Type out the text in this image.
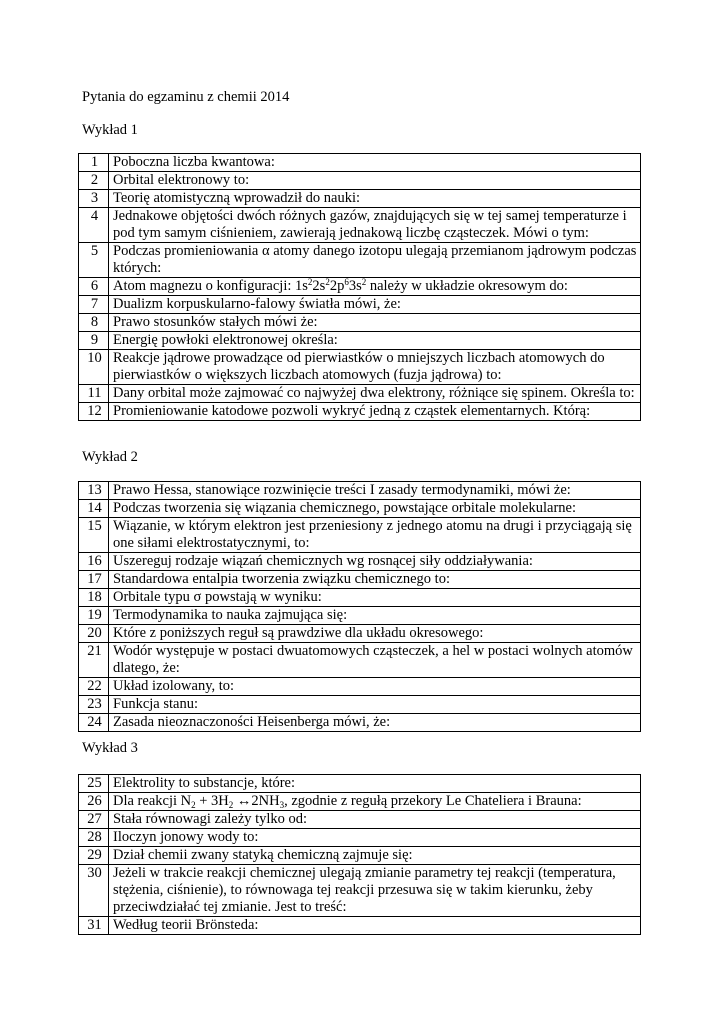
Pytania do egzaminu z chemii 2014

Wykład 1

1	Poboczna liczba kwantowa:
2	Orbital elektronowy to:
3	Teorię atomistyczną wprowadził do nauki:
4	Jednakowe objętości dwóch różnych gazów, znajdujących się w tej samej temperaturze i pod tym samym ciśnieniem, zawierają jednakową liczbę cząsteczek. Mówi o tym:
5	Podczas promieniowania α atomy danego izotopu ulegają przemianom jądrowym podczas których:
6	Atom magnezu o konfiguracji: $1s^22s^22p^63s^2$ należy w układzie okresowym do:
7	Dualizm korpuskularno-falowy światła mówi, że:
8	Prawo stosunków stałych mówi że:
9	Energię powłoki elektronowej określa:
10	Reakcje jądrowe prowadzące od pierwiastków o mniejszych liczbach atomowych do pierwiastków o większych liczbach atomowych (fuzja jądrowa) to:
11	Dany orbital może zajmować co najwyżej dwa elektrony, różniące się spinem. Określa to:
12	Promieniowanie katodowe pozwoli wykryć jedną z cząstek elementarnych. Którą:

Wykład 2

13	Prawo Hessa, stanowiące rozwinięcie treści I zasady termodynamiki, mówi że:
14	Podczas tworzenia się wiązania chemicznego, powstające orbitale molekularne:
15	Wiązanie, w którym elektron jest przeniesiony z jednego atomu na drugi i przyciągają się one siłami elektrostatycznymi, to:
16	Uszereguj rodzaje wiązań chemicznych wg rosnącej siły oddziaływania:
17	Standardowa entalpia tworzenia związku chemicznego to:
18	Orbitale typu σ powstają w wyniku:
19	Termodynamika to nauka zajmująca się:
20	Które z poniższych reguł są prawdziwe dla układu okresowego:
21	Wodór występuje w postaci dwuatomowych cząsteczek, a hel w postaci wolnych atomów dlatego, że:
22	Układ izolowany, to:
23	Funkcja stanu:
24	Zasada nieoznaczoności Heisenberga mówi, że:

Wykład 3

25	Elektrolity to substancje, które:
26	Dla reakcji $N_2 + 3H_2$ $\leftrightarrow 2NH_3$, zgodnie z regułą przekory Le Chateliera i Brauna:
27	Stała równowagi zależy tylko od:
28	Iloczyn jonowy wody to:
29	Dział chemii zwany statyką chemiczną zajmuje się:
30	Jeżeli w trakcie reakcji chemicznej ulegają zmianie parametry tej reakcji (temperatura, stężenia, ciśnienie), to równowaga tej reakcji przesuwa się w takim kierunku, żeby przeciwdziałać tej zmianie. Jest to treść:
31	Według teorii Brönsteda:
